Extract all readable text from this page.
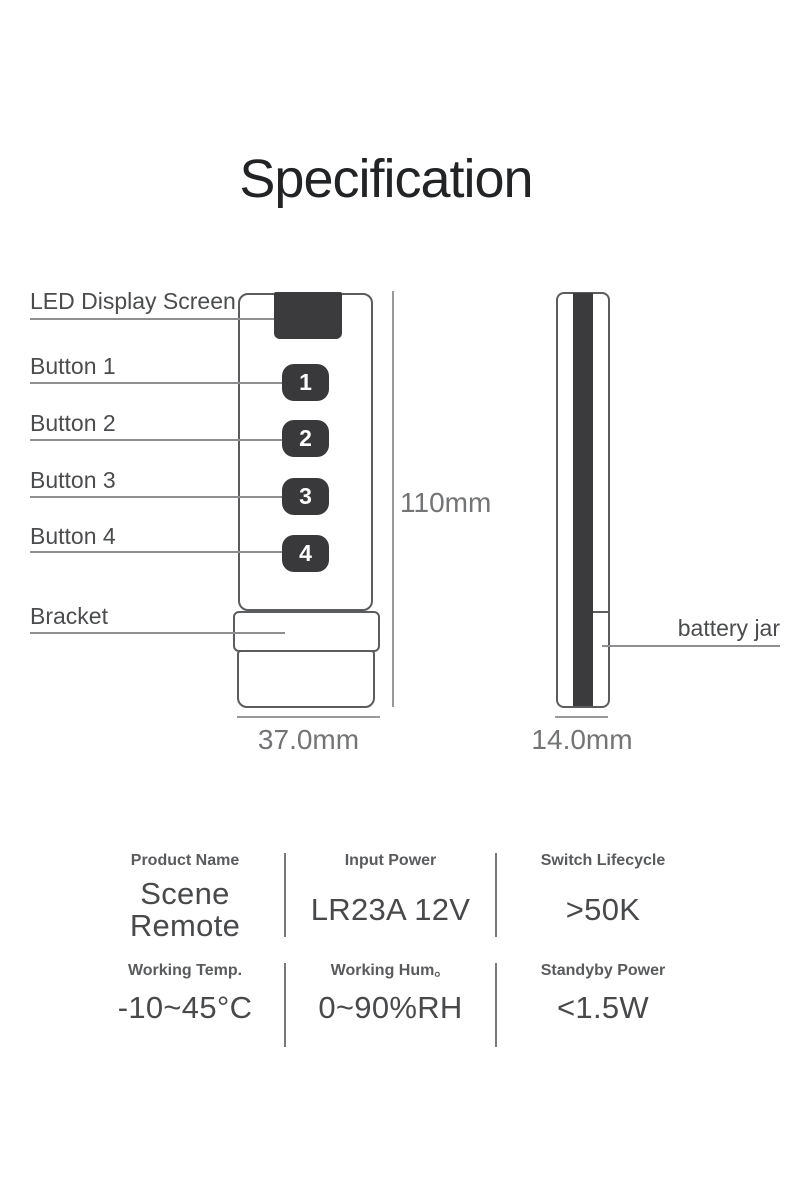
Specification
1
2
3
4
LED Display Screen
Button 1
Button 2
Button 3
Button 4
Bracket
110mm
37.0mm
battery jar
14.0mm
Product Name
Scene
Remote
Input Power
LR23A 12V
Switch Lifecycle
>50K
Working Temp.
-10~45°C
Working Hum。
0~90%RH
Standyby Power
<1.5W
